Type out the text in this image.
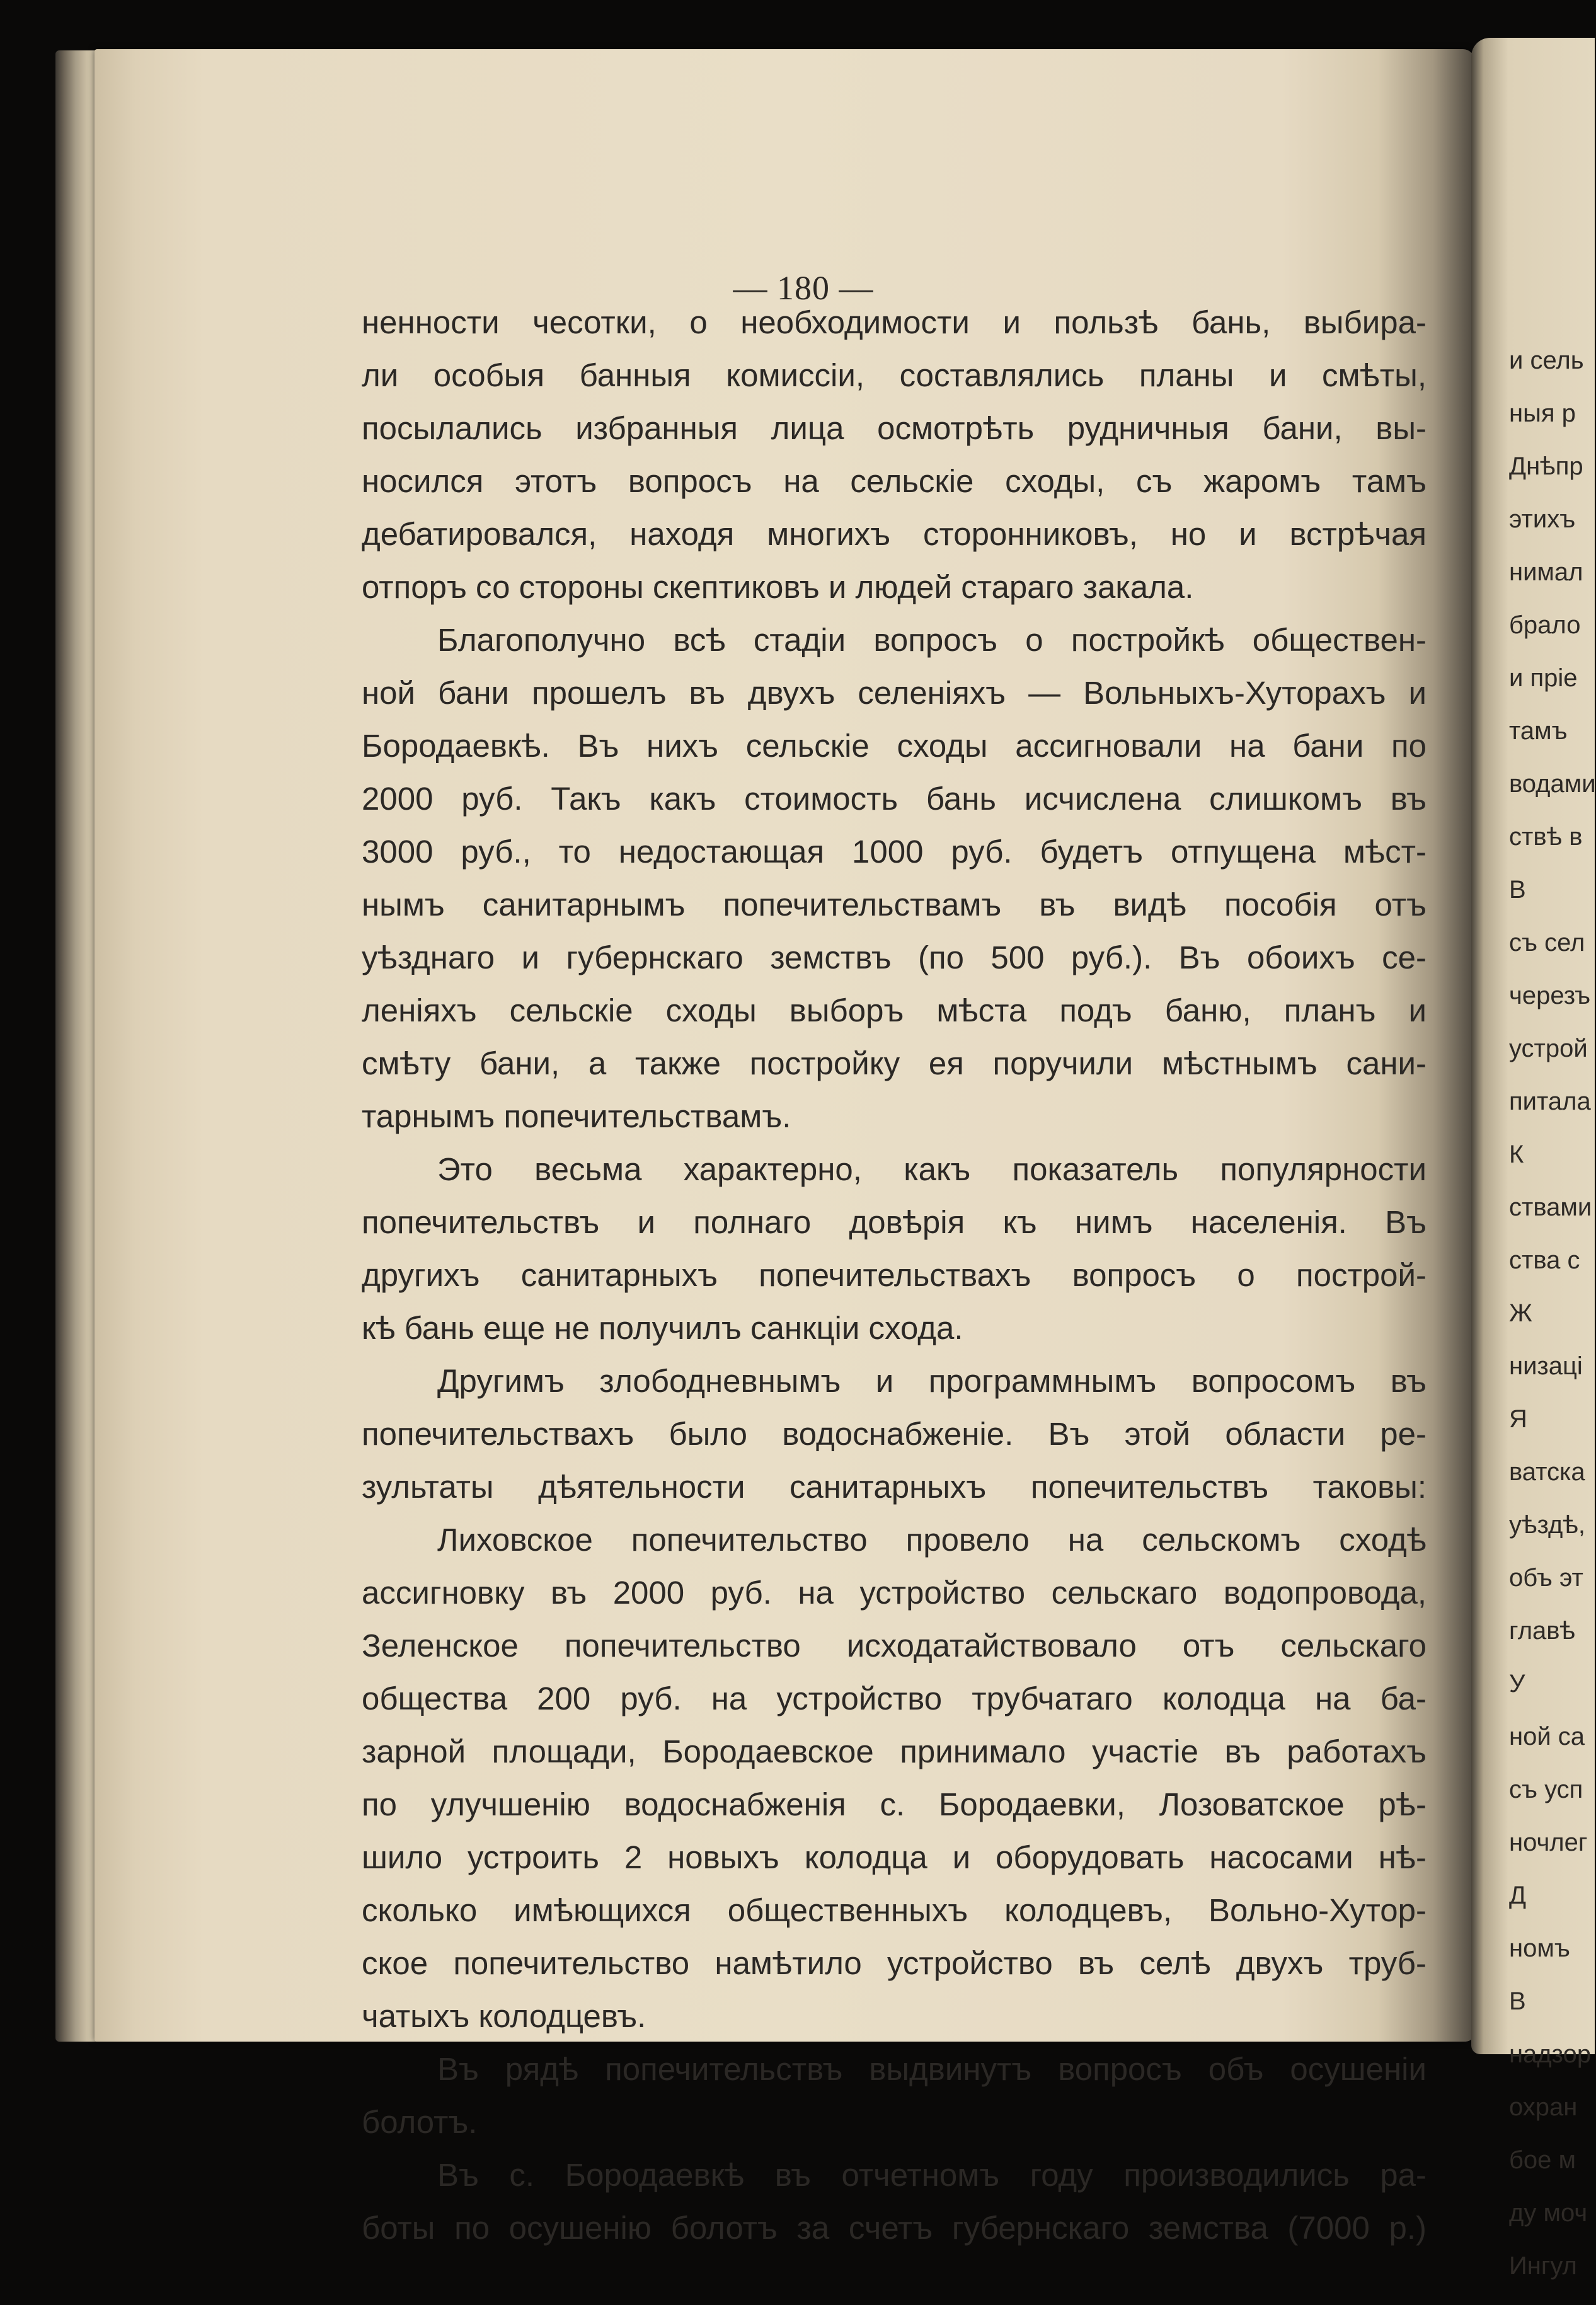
— 180 —
ненности чесотки, о необходимости и пользѣ бань, выбира-
ли особыя банныя комиссіи, составлялись планы и смѣты,
посылались избранныя лица осмотрѣть рудничныя бани, вы-
носился этотъ вопросъ на сельскіе сходы, съ жаромъ тамъ
дебатировался, находя многихъ сторонниковъ, но и встрѣчая
отпоръ со стороны скептиковъ и людей стараго закала.
Благополучно всѣ стадіи вопросъ о постройкѣ обществен-
ной бани прошелъ въ двухъ селеніяхъ — Вольныхъ-Хуторахъ и
Бородаевкѣ. Въ нихъ сельскіе сходы ассигновали на бани по
2000 руб. Такъ какъ стоимость бань исчислена слишкомъ въ
3000 руб., то недостающая 1000 руб. будетъ отпущена мѣст-
нымъ санитарнымъ попечительствамъ въ видѣ пособія отъ
уѣзднаго и губернскаго земствъ (по 500 руб.). Въ обоихъ се-
леніяхъ сельскіе сходы выборъ мѣста подъ баню, планъ и
смѣту бани, а также постройку ея поручили мѣстнымъ сани-
тарнымъ попечительствамъ.
Это весьма характерно, какъ показатель популярности
попечительствъ и полнаго довѣрія къ нимъ населенія. Въ
другихъ санитарныхъ попечительствахъ вопросъ о построй-
кѣ бань еще не получилъ санкціи схода.
Другимъ злободневнымъ и программнымъ вопросомъ въ
попечительствахъ было водоснабженіе. Въ этой области ре-
зультаты дѣятельности санитарныхъ попечительствъ таковы:
Лиховское попечительство провело на сельскомъ сходѣ
ассигновку въ 2000 руб. на устройство сельскаго водопровода,
Зеленское попечительство исходатайствовало отъ сельскаго
общества 200 руб. на устройство трубчатаго колодца на ба-
зарной площади, Бородаевское принимало участіе въ работахъ
по улучшенію водоснабженія с. Бородаевки, Лозоватское рѣ-
шило устроить 2 новыхъ колодца и оборудовать насосами нѣ-
сколько имѣющихся общественныхъ колодцевъ, Вольно-Хутор-
ское попечительство намѣтило устройство въ селѣ двухъ труб-
чатыхъ колодцевъ.
Въ рядѣ попечительствъ выдвинутъ вопросъ объ осушеніи
болотъ.
Въ с. Бородаевкѣ въ отчетномъ году производились ра-
боты по осушенію болотъ за счетъ губернскаго земства (7000 р.)
и сель
ныя р
Днѣпр
этихъ
нимал
брало
и пріе
тамъ
водами
ствѣ в
В
съ сел
черезъ
устрой
питала
К
ствами
ства с
Ж
низаці
Я
ватска
уѣздѣ,
объ эт
главѣ
У
ной са
съ усп
ночлег
Д
номъ
В
надзор
охран
бое м
ду моч
Ингул
